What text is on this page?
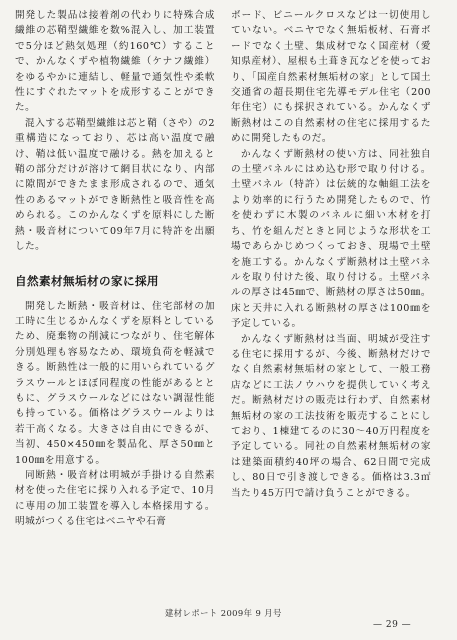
開発した製品は接着剤の代わりに特殊合成繊維の芯鞘型繊維を数%混入し、加工装置で5分ほど熱気処理（約160℃）することで、かんなくずや植物繊維（ケナフ繊維）をゆるやかに連結し、軽量で通気性や柔軟性にすぐれたマットを成形することができた。

混入する芯鞘型繊維は芯と鞘（さや）の2重構造になっており、芯は高い温度で融け、鞘は低い温度で融ける。熱を加えると鞘の部分だけが溶けて網目状になり、内部に隙間ができたまま形成されるので、通気性のあるマットができ断熱性と吸音性を高められる。このかんなくずを原料にした断熱・吸音材について09年7月に特許を出願した。

自然素材無垢材の家に採用

開発した断熱・吸音材は、住宅部材の加工時に生じるかんなくずを原料としているため、廃棄物の削減につながり、住宅解体分別処理も容易なため、環境負荷を軽減できる。断熱性は一般的に用いられているグラスウールとほぼ同程度の性能があるとともに、グラスウールなどにはない調湿性能も持っている。価格はグラスウールよりは若干高くなる。大きさは自由にできるが、当初、450×450㎜を製品化、厚さ50㎜と100㎜を用意する。

同断熱・吸音材は明城が手掛ける自然素材を使った住宅に採り入れる予定で、10月に専用の加工装置を導入し本格採用する。明城がつくる住宅はベニヤや石膏

ボード、ビニールクロスなどは一切使用していない。ベニヤでなく無垢板材、石膏ボードでなく土壁、集成材でなく国産材（愛知県産材）、屋根も土葺き瓦などを使っており、「国産自然素材無垢材の家」として国土交通省の超長期住宅先導モデル住宅（200年住宅）にも採択されている。かんなくず断熱材はこの自然素材の住宅に採用するために開発したものだ。

かんなくず断熱材の使い方は、同社独自の土壁パネルにはめ込む形で取り付ける。土壁パネル（特許）は伝統的な軸組工法をより効率的に行うため開発したもので、竹を使わずに木製のパネルに細い木材を打ち、竹を組んだときと同じような形状を工場であらかじめつくっておき、現場で土壁を施工する。かんなくず断熱材は土壁パネルを取り付けた後、取り付ける。土壁パネルの厚さは45㎜で、断熱材の厚さは50㎜。床と天井に入れる断熱材の厚さは100㎜を予定している。

かんなくず断熱材は当面、明城が受注する住宅に採用するが、今後、断熱材だけでなく自然素材無垢材の家として、一般工務店などに工法ノウハウを提供していく考えだ。断熱材だけの販売は行わず、自然素材無垢材の家の工法技術を販売することにしており、1棟建てるのに30～40万円程度を予定している。同社の自然素材無垢材の家は建築面積約40坪の場合、62日間で完成し、80日で引き渡しできる。価格は3.3㎡当たり45万円で請け負うことができる。

建材レポート 2009年 9 月号
— 29 —
